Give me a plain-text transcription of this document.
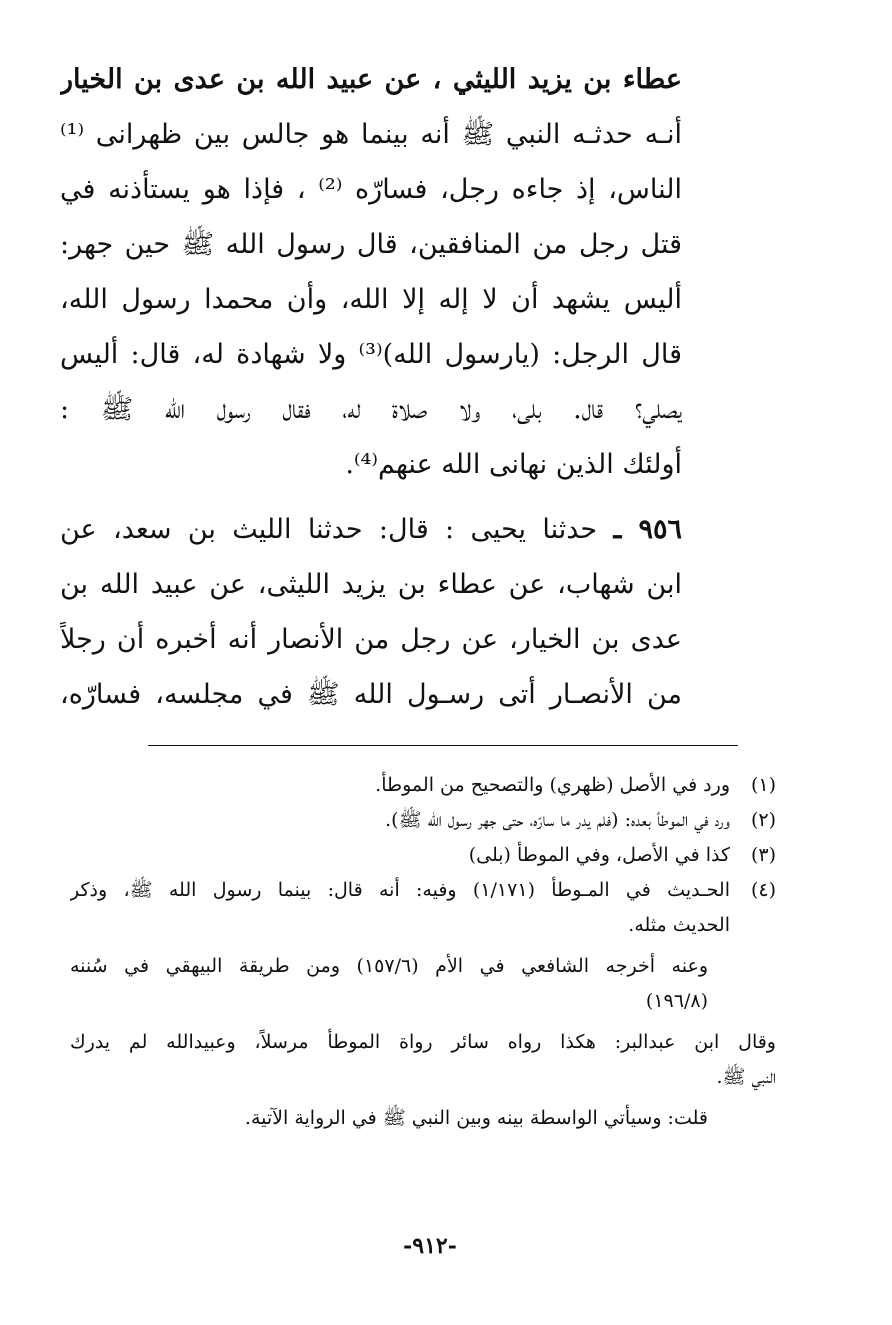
عطاء بن يزيد الليثي ، عن عبيد الله بن عدى بن الخيار
أنـه حدثـه النبي ﷺ أنه بينما هو جالس بين ظهرانى ⁽¹⁾
الناس، إذ جاءه رجل، فسارّه ⁽²⁾ ، فإذا هو يستأذنه في
قتل رجل من المنافقين، قال رسول الله ﷺ حين جهر:
أليس يشهد أن لا إله إلا الله، وأن محمدا رسول الله،
قال الرجل: (يارسول الله)⁽³⁾ ولا شهادة له، قال: أليس
يصلي؟ قال. بلى، ولا صلاة له، فقال رسول الله ﷺ :
أولئك الذين نهانى الله عنهم⁽⁴⁾.
٩٥٦ ـ حدثنا يحيى : قال: حدثنا الليث بن سعد، عن
ابن شهاب، عن عطاء بن يزيد الليثى، عن عبيد الله بن
عدى بن الخيار، عن رجل من الأنصار أنه أخبره أن رجلاً
من الأنصـار أتى رسـول الله ﷺ في مجلسه، فسارّه،
(١)
ورد في الأصل (ظهري) والتصحيح من الموطأ.
(٢)
ورد في الموطأ بعده: (فلم يدر ما سارّه، حتى جهر رسول الله ﷺ).
(٣)
كذا في الأصل، وفي الموطأ (بلى)
(٤)
الحـديث في المـوطأ (١/١٧١) وفيه: أنه قال: بينما رسول الله ﷺ، وذكر
الحديث مثله.
وعنه أخرجه الشافعي في الأم (١٥٧/٦) ومن طريقة البيهقي في سُننه
(١٩٦/٨)
وقال ابن عبدالبر: هكذا رواه سائر رواة الموطأ مرسلاً، وعبيدالله لم يدرك
النبي ﷺ.
قلت: وسيأتي الواسطة بينه وبين النبي ﷺ في الرواية الآتية.
-٩١٢-
